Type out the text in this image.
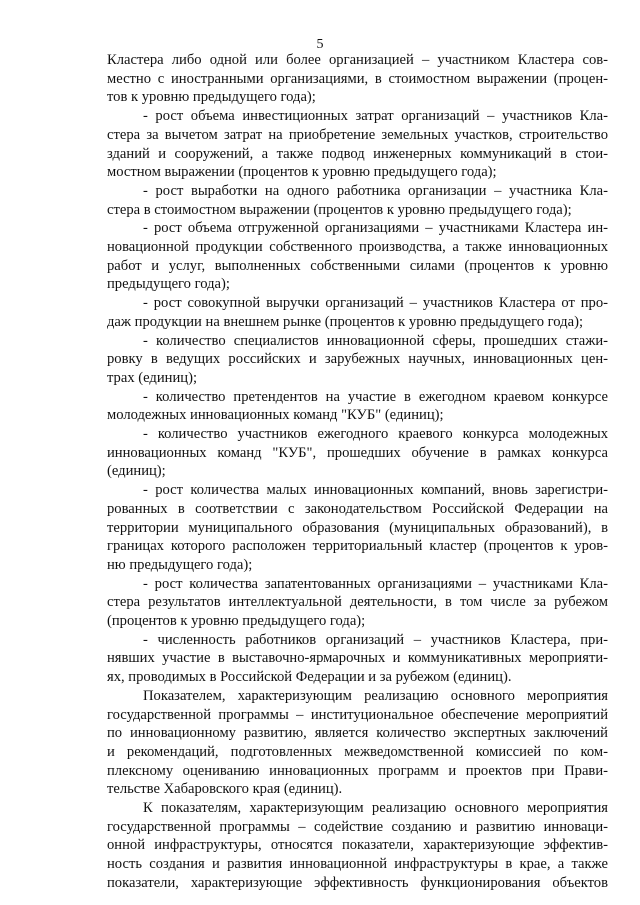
5
Кластера либо одной или более организацией – участником Кластера сов-
местно с иностранными организациями, в стоимостном выражении (процен-
тов к уровню предыдущего года);
- рост объема инвестиционных затрат организаций – участников Кла-
стера за вычетом затрат на приобретение земельных участков, строительство
зданий и сооружений, а также подвод инженерных коммуникаций в стои-
мостном выражении (процентов к уровню предыдущего года);
- рост выработки на одного работника организации – участника Кла-
стера в стоимостном выражении (процентов к уровню предыдущего года);
- рост объема отгруженной организациями – участниками Кластера ин-
новационной продукции собственного производства, а также инновационных
работ и услуг, выполненных собственными силами (процентов к уровню
предыдущего года);
- рост совокупной выручки организаций – участников Кластера от про-
даж продукции на внешнем рынке (процентов к уровню предыдущего года);
- количество специалистов инновационной сферы, прошедших стажи-
ровку в ведущих российских и зарубежных научных, инновационных цен-
трах (единиц);
- количество претендентов на участие в ежегодном краевом конкурсе
молодежных инновационных команд "КУБ" (единиц);
- количество участников ежегодного краевого конкурса молодежных
инновационных команд "КУБ", прошедших обучение в рамках конкурса
(единиц);
- рост количества малых инновационных компаний, вновь зарегистри-
рованных в соответствии с законодательством Российской Федерации на
территории муниципального образования (муниципальных образований), в
границах которого расположен территориальный кластер (процентов к уров-
ню предыдущего года);
- рост количества запатентованных организациями – участниками Кла-
стера результатов интеллектуальной деятельности, в том числе за рубежом
(процентов к уровню предыдущего года);
- численность работников организаций – участников Кластера, при-
нявших участие в выставочно-ярмарочных и коммуникативных мероприяти-
ях, проводимых в Российской Федерации и за рубежом (единиц).
Показателем, характеризующим реализацию основного мероприятия
государственной программы – институциональное обеспечение мероприятий
по инновационному развитию, является количество экспертных заключений
и рекомендаций, подготовленных межведомственной комиссией по ком-
плексному оцениванию инновационных программ и проектов при Прави-
тельстве Хабаровского края (единиц).
К показателям, характеризующим реализацию основного мероприятия
государственной программы – содействие созданию и развитию инноваци-
онной инфраструктуры, относятся показатели, характеризующие эффектив-
ность создания и развития инновационной инфраструктуры в крае, а также
показатели, характеризующие эффективность функционирования объектов
